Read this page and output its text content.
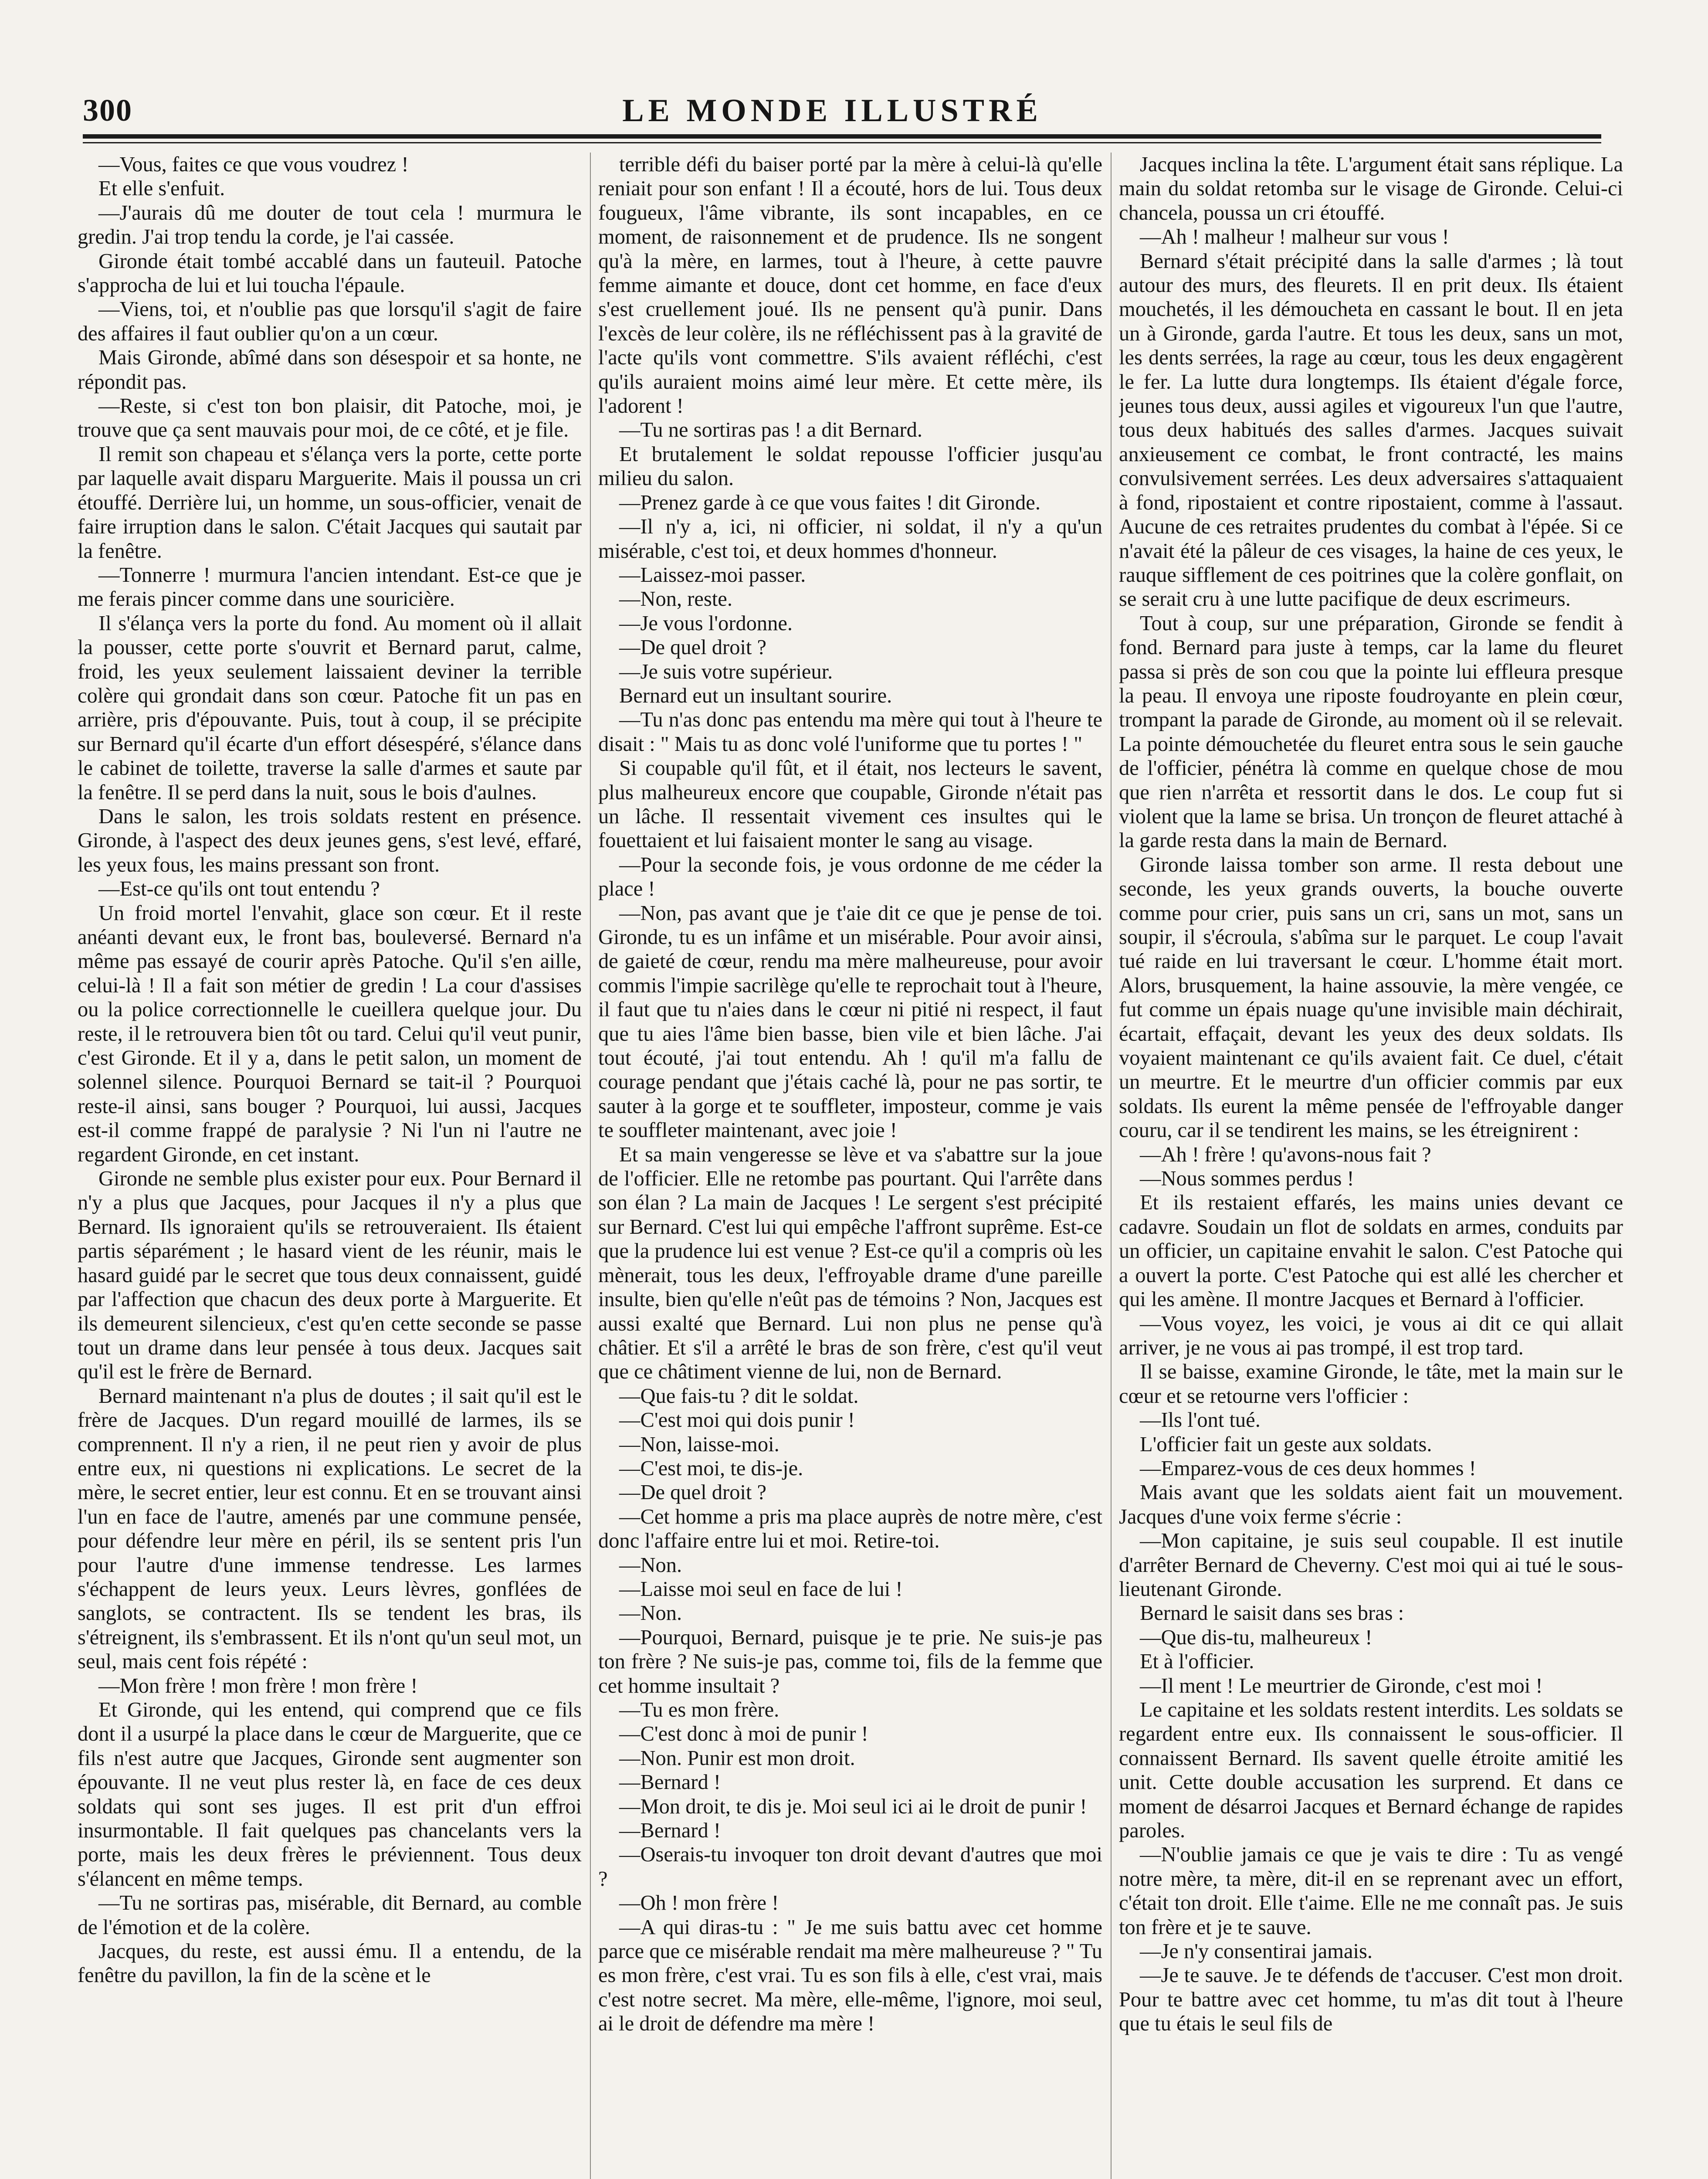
300	LE MONDE ILLUSTRÉ

—Vous, faites ce que vous voudrez !

Et elle s'enfuit.

—J'aurais dû me douter de tout cela ! murmura le gredin. J'ai trop tendu la corde, je l'ai cassée.

Gironde était tombé accablé dans un fauteuil. Patoche s'approcha de lui et lui toucha l'épaule.

—Viens, toi, et n'oublie pas que lorsqu'il s'agit de faire des affaires il faut oublier qu'on a un cœur.

Mais Gironde, abîmé dans son désespoir et sa honte, ne répondit pas.

—Reste, si c'est ton bon plaisir, dit Patoche, moi, je trouve que ça sent mauvais pour moi, de ce côté, et je file.

Il remit son chapeau et s'élança vers la porte, cette porte par laquelle avait disparu Marguerite. Mais il poussa un cri étouffé. Derrière lui, un homme, un sous-officier, venait de faire irruption dans le salon. C'était Jacques qui sautait par la fenêtre.

—Tonnerre ! murmura l'ancien intendant. Est-ce que je me ferais pincer comme dans une souricière.

Il s'élança vers la porte du fond. Au moment où il allait la pousser, cette porte s'ouvrit et Bernard parut, calme, froid, les yeux seulement laissaient deviner la terrible colère qui grondait dans son cœur. Patoche fit un pas en arrière, pris d'épouvante. Puis, tout à coup, il se précipite sur Bernard qu'il écarte d'un effort désespéré, s'élance dans le cabinet de toilette, traverse la salle d'armes et saute par la fenêtre. Il se perd dans la nuit, sous le bois d'aulnes.

Dans le salon, les trois soldats restent en présence. Gironde, à l'aspect des deux jeunes gens, s'est levé, effaré, les yeux fous, les mains pressant son front.

—Est-ce qu'ils ont tout entendu ?

Un froid mortel l'envahit, glace son cœur. Et il reste anéanti devant eux, le front bas, bouleversé. Bernard n'a même pas essayé de courir après Patoche. Qu'il s'en aille, celui-là ! Il a fait son métier de gredin ! La cour d'assises ou la police correctionnelle le cueillera quelque jour. Du reste, il le retrouvera bien tôt ou tard. Celui qu'il veut punir, c'est Gironde. Et il y a, dans le petit salon, un moment de solennel silence. Pourquoi Bernard se tait-il ? Pourquoi reste-il ainsi, sans bouger ? Pourquoi, lui aussi, Jacques est-il comme frappé de paralysie ? Ni l'un ni l'autre ne regardent Gironde, en cet instant.

Gironde ne semble plus exister pour eux. Pour Bernard il n'y a plus que Jacques, pour Jacques il n'y a plus que Bernard. Ils ignoraient qu'ils se retrouveraient. Ils étaient partis séparément ; le hasard vient de les réunir, mais le hasard guidé par le secret que tous deux connaissent, guidé par l'affection que chacun des deux porte à Marguerite. Et ils demeurent silencieux, c'est qu'en cette seconde se passe tout un drame dans leur pensée à tous deux. Jacques sait qu'il est le frère de Bernard.

Bernard maintenant n'a plus de doutes ; il sait qu'il est le frère de Jacques. D'un regard mouillé de larmes, ils se comprennent. Il n'y a rien, il ne peut rien y avoir de plus entre eux, ni questions ni explications. Le secret de la mère, le secret entier, leur est connu. Et en se trouvant ainsi l'un en face de l'autre, amenés par une commune pensée, pour défendre leur mère en péril, ils se sentent pris l'un pour l'autre d'une immense tendresse. Les larmes s'échappent de leurs yeux. Leurs lèvres, gonflées de sanglots, se contractent. Ils se tendent les bras, ils s'étreignent, ils s'embrassent. Et ils n'ont qu'un seul mot, un seul, mais cent fois répété :

—Mon frère ! mon frère ! mon frère !

Et Gironde, qui les entend, qui comprend que ce fils dont il a usurpé la place dans le cœur de Marguerite, que ce fils n'est autre que Jacques, Gironde sent augmenter son épouvante. Il ne veut plus rester là, en face de ces deux soldats qui sont ses juges. Il est prit d'un effroi insurmontable. Il fait quelques pas chancelants vers la porte, mais les deux frères le préviennent. Tous deux s'élancent en même temps.

—Tu ne sortiras pas, misérable, dit Bernard, au comble de l'émotion et de la colère.

Jacques, du reste, est aussi ému. Il a entendu, de la fenêtre du pavillon, la fin de la scène et le

terrible défi du baiser porté par la mère à celui-là qu'elle reniait pour son enfant ! Il a écouté, hors de lui. Tous deux fougueux, l'âme vibrante, ils sont incapables, en ce moment, de raisonnement et de prudence. Ils ne songent qu'à la mère, en larmes, tout à l'heure, à cette pauvre femme aimante et douce, dont cet homme, en face d'eux s'est cruellement joué. Ils ne pensent qu'à punir. Dans l'excès de leur colère, ils ne réfléchissent pas à la gravité de l'acte qu'ils vont commettre. S'ils avaient réfléchi, c'est qu'ils auraient moins aimé leur mère. Et cette mère, ils l'adorent !

—Tu ne sortiras pas ! a dit Bernard.

Et brutalement le soldat repousse l'officier jusqu'au milieu du salon.

—Prenez garde à ce que vous faites ! dit Gironde.

—Il n'y a, ici, ni officier, ni soldat, il n'y a qu'un misérable, c'est toi, et deux hommes d'honneur.

—Laissez-moi passer.

—Non, reste.

—Je vous l'ordonne.

—De quel droit ?

—Je suis votre supérieur.

Bernard eut un insultant sourire.

—Tu n'as donc pas entendu ma mère qui tout à l'heure te disait : " Mais tu as donc volé l'uniforme que tu portes ! "

Si coupable qu'il fût, et il était, nos lecteurs le savent, plus malheureux encore que coupable, Gironde n'était pas un lâche. Il ressentait vivement ces insultes qui le fouettaient et lui faisaient monter le sang au visage.

—Pour la seconde fois, je vous ordonne de me céder la place !

—Non, pas avant que je t'aie dit ce que je pense de toi. Gironde, tu es un infâme et un misérable. Pour avoir ainsi, de gaieté de cœur, rendu ma mère malheureuse, pour avoir commis l'impie sacrilège qu'elle te reprochait tout à l'heure, il faut que tu n'aies dans le cœur ni pitié ni respect, il faut que tu aies l'âme bien basse, bien vile et bien lâche. J'ai tout écouté, j'ai tout entendu. Ah ! qu'il m'a fallu de courage pendant que j'étais caché là, pour ne pas sortir, te sauter à la gorge et te souffleter, imposteur, comme je vais te souffleter maintenant, avec joie !

Et sa main vengeresse se lève et va s'abattre sur la joue de l'officier. Elle ne retombe pas pourtant. Qui l'arrête dans son élan ? La main de Jacques ! Le sergent s'est précipité sur Bernard. C'est lui qui empêche l'affront suprême. Est-ce que la prudence lui est venue ? Est-ce qu'il a compris où les mènerait, tous les deux, l'effroyable drame d'une pareille insulte, bien qu'elle n'eût pas de témoins ? Non, Jacques est aussi exalté que Bernard. Lui non plus ne pense qu'à châtier. Et s'il a arrêté le bras de son frère, c'est qu'il veut que ce châtiment vienne de lui, non de Bernard.

—Que fais-tu ? dit le soldat.

—C'est moi qui dois punir !

—Non, laisse-moi.

—C'est moi, te dis-je.

—De quel droit ?

—Cet homme a pris ma place auprès de notre mère, c'est donc l'affaire entre lui et moi. Retire-toi.

—Non.

—Laisse moi seul en face de lui !

—Non.

—Pourquoi, Bernard, puisque je te prie. Ne suis-je pas ton frère ? Ne suis-je pas, comme toi, fils de la femme que cet homme insultait ?

—Tu es mon frère.

—C'est donc à moi de punir !

—Non. Punir est mon droit.

—Bernard !

—Mon droit, te dis je. Moi seul ici ai le droit de punir !

—Bernard !

—Oserais-tu invoquer ton droit devant d'autres que moi ?

—Oh ! mon frère !

—A qui diras-tu : " Je me suis battu avec cet homme parce que ce misérable rendait ma mère malheureuse ? " Tu es mon frère, c'est vrai. Tu es son fils à elle, c'est vrai, mais c'est notre secret. Ma mère, elle-même, l'ignore, moi seul, ai le droit de défendre ma mère !

Jacques inclina la tête. L'argument était sans réplique. La main du soldat retomba sur le visage de Gironde. Celui-ci chancela, poussa un cri étouffé.

—Ah ! malheur ! malheur sur vous !

Bernard s'était précipité dans la salle d'armes ; là tout autour des murs, des fleurets. Il en prit deux. Ils étaient mouchetés, il les démoucheta en cassant le bout. Il en jeta un à Gironde, garda l'autre. Et tous les deux, sans un mot, les dents serrées, la rage au cœur, tous les deux engagèrent le fer. La lutte dura longtemps. Ils étaient d'égale force, jeunes tous deux, aussi agiles et vigoureux l'un que l'autre, tous deux habitués des salles d'armes. Jacques suivait anxieusement ce combat, le front contracté, les mains convulsivement serrées. Les deux adversaires s'attaquaient à fond, ripostaient et contre ripostaient, comme à l'assaut. Aucune de ces retraites prudentes du combat à l'épée. Si ce n'avait été la pâleur de ces visages, la haine de ces yeux, le rauque sifflement de ces poitrines que la colère gonflait, on se serait cru à une lutte pacifique de deux escrimeurs.

Tout à coup, sur une préparation, Gironde se fendit à fond. Bernard para juste à temps, car la lame du fleuret passa si près de son cou que la pointe lui effleura presque la peau. Il envoya une riposte foudroyante en plein cœur, trompant la parade de Gironde, au moment où il se relevait. La pointe démouchetée du fleuret entra sous le sein gauche de l'officier, pénétra là comme en quelque chose de mou que rien n'arrêta et ressortit dans le dos. Le coup fut si violent que la lame se brisa. Un tronçon de fleuret attaché à la garde resta dans la main de Bernard.

Gironde laissa tomber son arme. Il resta debout une seconde, les yeux grands ouverts, la bouche ouverte comme pour crier, puis sans un cri, sans un mot, sans un soupir, il s'écroula, s'abîma sur le parquet. Le coup l'avait tué raide en lui traversant le cœur. L'homme était mort. Alors, brusquement, la haine assouvie, la mère vengée, ce fut comme un épais nuage qu'une invisible main déchirait, écartait, effaçait, devant les yeux des deux soldats. Ils voyaient maintenant ce qu'ils avaient fait. Ce duel, c'était un meurtre. Et le meurtre d'un officier commis par eux soldats. Ils eurent la même pensée de l'effroyable danger couru, car il se tendirent les mains, se les étreignirent :

—Ah ! frère ! qu'avons-nous fait ?

—Nous sommes perdus !

Et ils restaient effarés, les mains unies devant ce cadavre. Soudain un flot de soldats en armes, conduits par un officier, un capitaine envahit le salon. C'est Patoche qui a ouvert la porte. C'est Patoche qui est allé les chercher et qui les amène. Il montre Jacques et Bernard à l'officier.

—Vous voyez, les voici, je vous ai dit ce qui allait arriver, je ne vous ai pas trompé, il est trop tard.

Il se baisse, examine Gironde, le tâte, met la main sur le cœur et se retourne vers l'officier :

—Ils l'ont tué.

L'officier fait un geste aux soldats.

—Emparez-vous de ces deux hommes !

Mais avant que les soldats aient fait un mouvement. Jacques d'une voix ferme s'écrie :

—Mon capitaine, je suis seul coupable. Il est inutile d'arrêter Bernard de Cheverny. C'est moi qui ai tué le sous-lieutenant Gironde.

Bernard le saisit dans ses bras :

—Que dis-tu, malheureux !

Et à l'officier.

—Il ment ! Le meurtrier de Gironde, c'est moi !

Le capitaine et les soldats restent interdits. Les soldats se regardent entre eux. Ils connaissent le sous-officier. Il connaissent Bernard. Ils savent quelle étroite amitié les unit. Cette double accusation les surprend. Et dans ce moment de désarroi Jacques et Bernard échange de rapides paroles.

—N'oublie jamais ce que je vais te dire : Tu as vengé notre mère, ta mère, dit-il en se reprenant avec un effort, c'était ton droit. Elle t'aime. Elle ne me connaît pas. Je suis ton frère et je te sauve.

—Je n'y consentirai jamais.

—Je te sauve. Je te défends de t'accuser. C'est mon droit. Pour te battre avec cet homme, tu m'as dit tout à l'heure que tu étais le seul fils de
